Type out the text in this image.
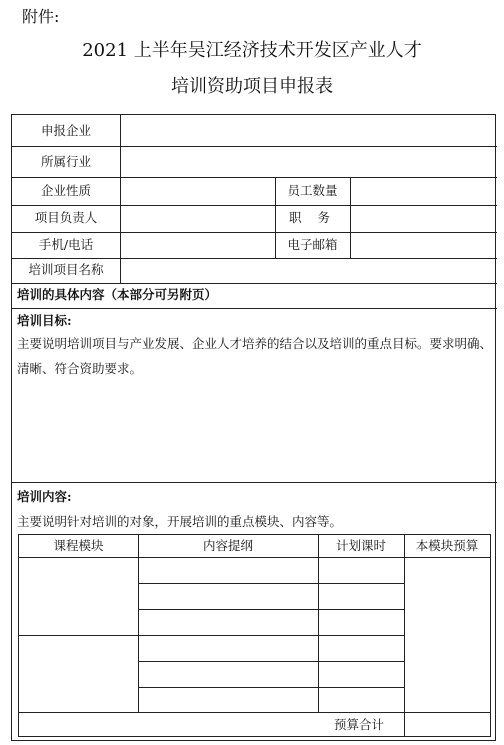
附件:
2021 上半年吴江经济技术开发区产业人才
培训资助项目申报表
申报企业
所属行业
企业性质	员工数量
项目负责人	职 务
手机/电话	电子邮箱
培训项目名称
培训的具体内容（本部分可另附页）
培训目标:
主要说明培训项目与产业发展、企业人才培养的结合以及培训的重点目标。要求明确、清晰、符合资助要求。
培训内容:
主要说明针对培训的对象，开展培训的重点模块、内容等。
课程模块	内容提纲	计划课时	本模块预算
预算合计
